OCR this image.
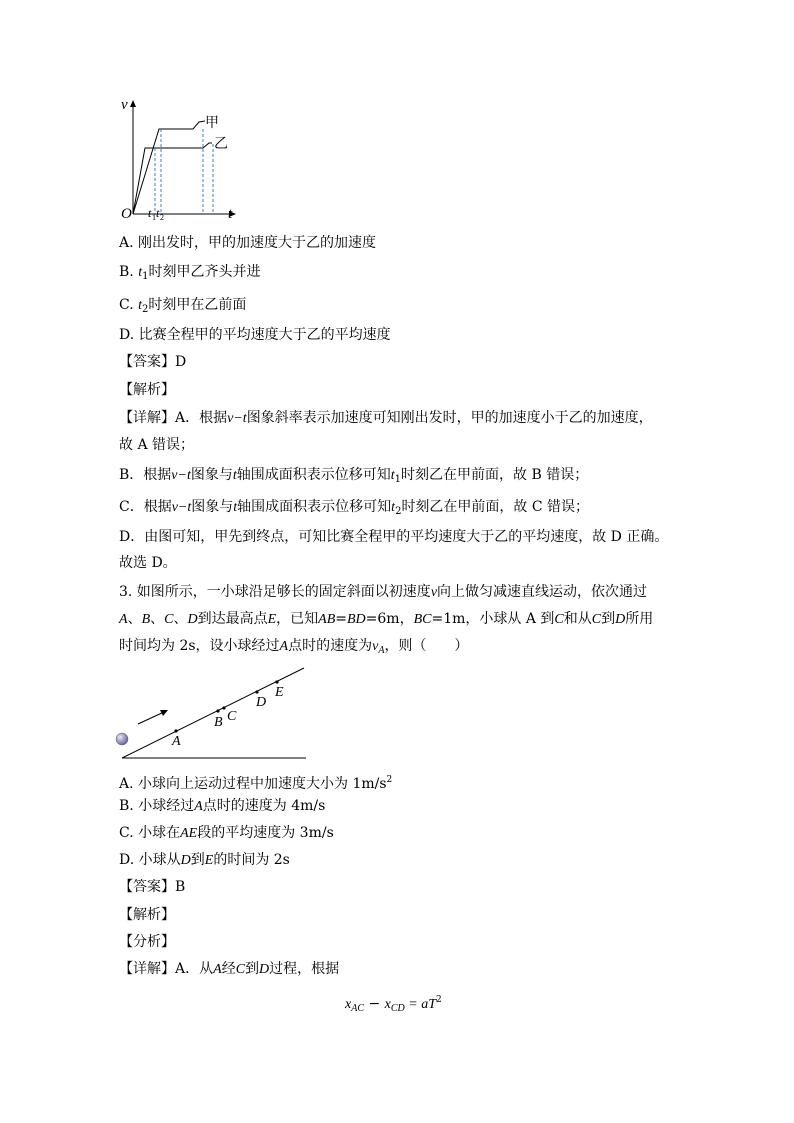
v
O	t
甲
乙
t 1 t 2
A. 刚出发时，甲的加速度大于乙的加速度
B. $t_1$时刻甲乙齐头并进
C. $t_2$时刻甲在乙前面
D. 比赛全程甲的平均速度大于乙的平均速度
【答案】D
【解析】
【详解】A．根据v−t图象斜率表示加速度可知刚出发时，甲的加速度小于乙的加速度，
故 A 错误；
B．根据v−t图象与t轴围成面积表示位移可知$t_1$时刻乙在甲前面，故 B 错误；
C．根据v−t图象与t轴围成面积表示位移可知$t_2$时刻乙在甲前面，故 C 错误；
D．由图可知，甲先到终点，可知比赛全程甲的平均速度大于乙的平均速度，故 D 正确。
故选 D。
3. 如图所示，一小球沿足够长的固定斜面以初速度v向上做匀减速直线运动，依次通过
A、B、C、D到达最高点E，已知AB=BD=6m，BC=1m，小球从 A 到C和从C到D所用
时间均为 2s，设小球经过A点时的速度为$v_A$，则（　　）
A
B C
D
E
A. 小球向上运动过程中加速度大小为 $1m/s^2$
B. 小球经过A点时的速度为 4m/s
C. 小球在AE段的平均速度为 3m/s
D. 小球从D到E的时间为 2s
【答案】B
【解析】
【分析】
【详解】A．从A经C到D过程，根据
$x_{AC} - x_{CD} = aT^2$
